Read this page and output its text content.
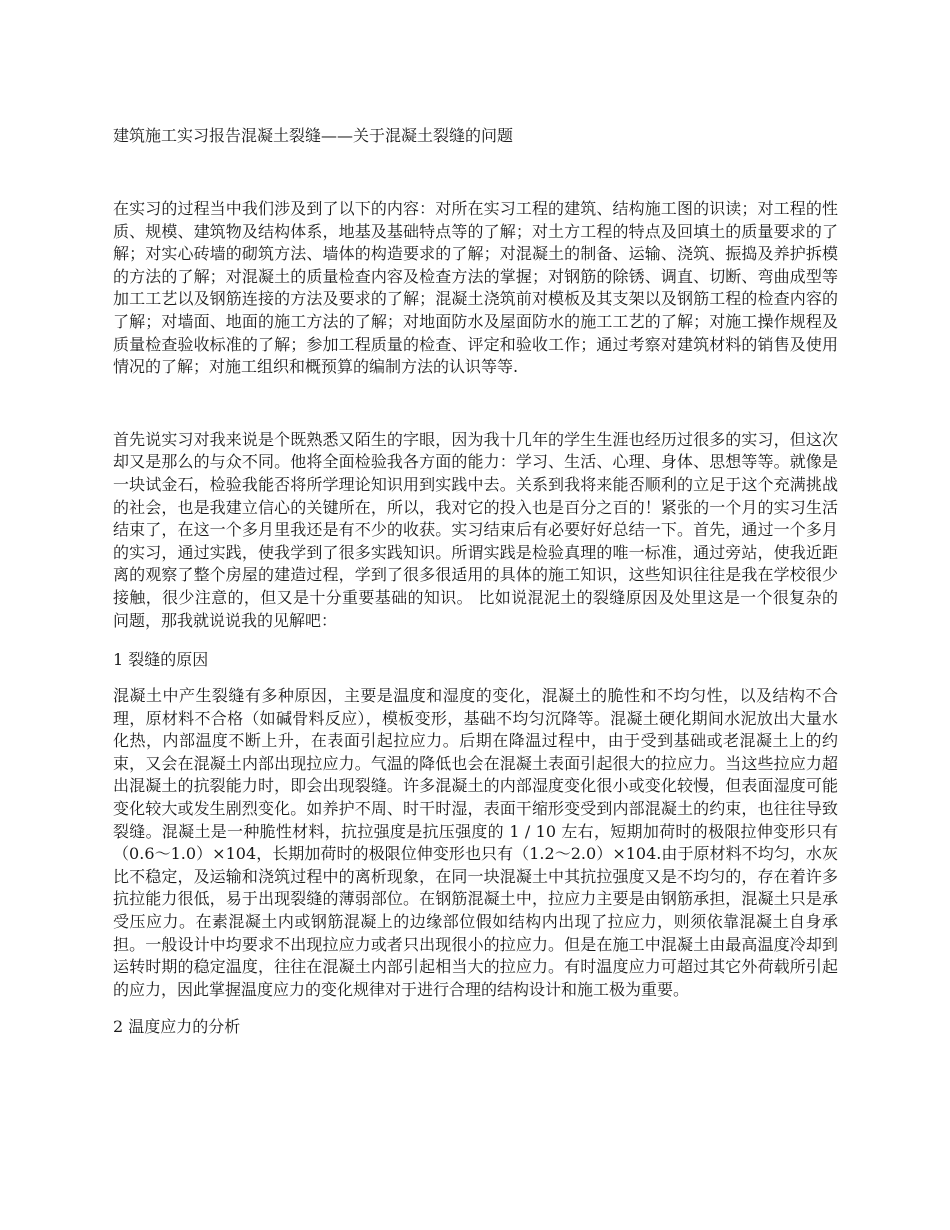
建筑施工实习报告混凝土裂缝——关于混凝土裂缝的问题

在实习的过程当中我们涉及到了以下的内容：对所在实习工程的建筑、结构施工图的识读；对工程的性质、规模、建筑物及结构体系，地基及基础特点等的了解；对土方工程的特点及回填土的质量要求的了解；对实心砖墙的砌筑方法、墙体的构造要求的了解；对混凝土的制备、运输、浇筑、振捣及养护拆模的方法的了解；对混凝土的质量检查内容及检查方法的掌握；对钢筋的除锈、调直、切断、弯曲成型等加工工艺以及钢筋连接的方法及要求的了解；混凝土浇筑前对模板及其支架以及钢筋工程的检查内容的了解；对墙面、地面的施工方法的了解；对地面防水及屋面防水的施工工艺的了解；对施工操作规程及质量检查验收标准的了解；参加工程质量的检查、评定和验收工作；通过考察对建筑材料的销售及使用情况的了解；对施工组织和概预算的编制方法的认识等等.

首先说实习对我来说是个既熟悉又陌生的字眼，因为我十几年的学生生涯也经历过很多的实习，但这次却又是那么的与众不同。他将全面检验我各方面的能力：学习、生活、心理、身体、思想等等。就像是一块试金石，检验我能否将所学理论知识用到实践中去。关系到我将来能否顺利的立足于这个充满挑战的社会，也是我建立信心的关键所在，所以，我对它的投入也是百分之百的！紧张的一个月的实习生活结束了，在这一个多月里我还是有不少的收获。实习结束后有必要好好总结一下。首先，通过一个多月的实习，通过实践，使我学到了很多实践知识。所谓实践是检验真理的唯一标准，通过旁站，使我近距离的观察了整个房屋的建造过程，学到了很多很适用的具体的施工知识，这些知识往往是我在学校很少接触，很少注意的，但又是十分重要基础的知识。 比如说混泥土的裂缝原因及处里这是一个很复杂的问题，那我就说说我的见解吧：

1 裂缝的原因

混凝土中产生裂缝有多种原因，主要是温度和湿度的变化，混凝土的脆性和不均匀性，以及结构不合理，原材料不合格（如碱骨料反应），模板变形，基础不均匀沉降等。混凝土硬化期间水泥放出大量水化热，内部温度不断上升，在表面引起拉应力。后期在降温过程中，由于受到基础或老混凝土上的约束，又会在混凝土内部出现拉应力。气温的降低也会在混凝土表面引起很大的拉应力。当这些拉应力超出混凝土的抗裂能力时，即会出现裂缝。许多混凝土的内部湿度变化很小或变化较慢，但表面湿度可能变化较大或发生剧烈变化。如养护不周、时干时湿，表面干缩形变受到内部混凝土的约束，也往往导致裂缝。混凝土是一种脆性材料，抗拉强度是抗压强度的 1 / 10 左右，短期加荷时的极限拉伸变形只有（0.6～1.0）×104，长期加荷时的极限位伸变形也只有（1.2～2.0）×104.由于原材料不均匀，水灰比不稳定，及运输和浇筑过程中的离析现象，在同一块混凝土中其抗拉强度又是不均匀的，存在着许多抗拉能力很低，易于出现裂缝的薄弱部位。在钢筋混凝土中，拉应力主要是由钢筋承担，混凝土只是承受压应力。在素混凝土内或钢筋混凝上的边缘部位假如结构内出现了拉应力，则须依靠混凝土自身承担。一般设计中均要求不出现拉应力或者只出现很小的拉应力。但是在施工中混凝土由最高温度冷却到运转时期的稳定温度，往往在混凝土内部引起相当大的拉应力。有时温度应力可超过其它外荷载所引起的应力，因此掌握温度应力的变化规律对于进行合理的结构设计和施工极为重要。

2 温度应力的分析
